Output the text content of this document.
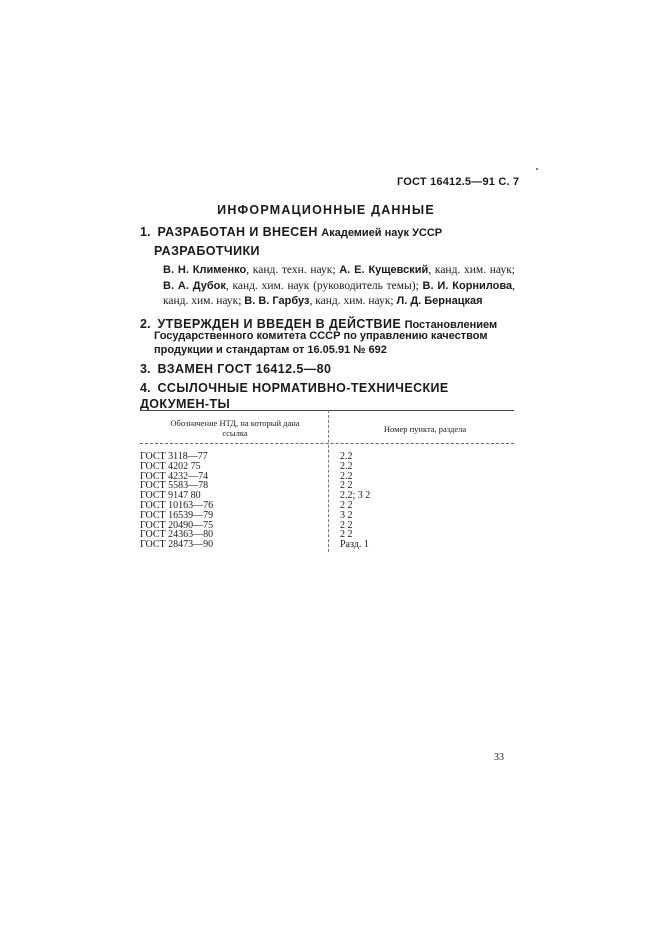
ГОСТ 16412.5—91 С. 7
ИНФОРМАЦИОННЫЕ ДАННЫЕ
1. РАЗРАБОТАН И ВНЕСЕН Академией наук УССР
РАЗРАБОТЧИКИ

В. Н. Клименко, канд. техн. наук; А. Е. Кущевский, канд. хим. наук; В. А. Дубок, канд. хим. наук (руководитель темы); В. И. Корнилова, канд. хим. наук; В. В. Гарбуз, канд. хим. наук; Л. Д. Бернацкая

2. УТВЕРЖДЕН И ВВЕДЕН В ДЕЙСТВИЕ Постановлением
Государственного комитета СССР по управлению качеством продукции и стандартам от 16.05.91 № 692
3. ВЗАМЕН ГОСТ 16412.5—80
4. ССЫЛОЧНЫЕ НОРМАТИВНО-ТЕХНИЧЕСКИЕ ДОКУМЕН-ТЫ
Обозначение НТД, на который дана ссылка	Номер пункта, раздела
ГОСТ 3118—77	2.2
ГОСТ 4202 75	2.2
ГОСТ 4232—74	2.2
ГОСТ 5583—78	2 2
ГОСТ 9147 80	2.2; 3 2
ГОСТ 10163—76	2 2
ГОСТ 16539—79	3 2
ГОСТ 20490—75	2 2
ГОСТ 24363—80	2 2
ГОСТ 28473—90	Разд. 1
33
